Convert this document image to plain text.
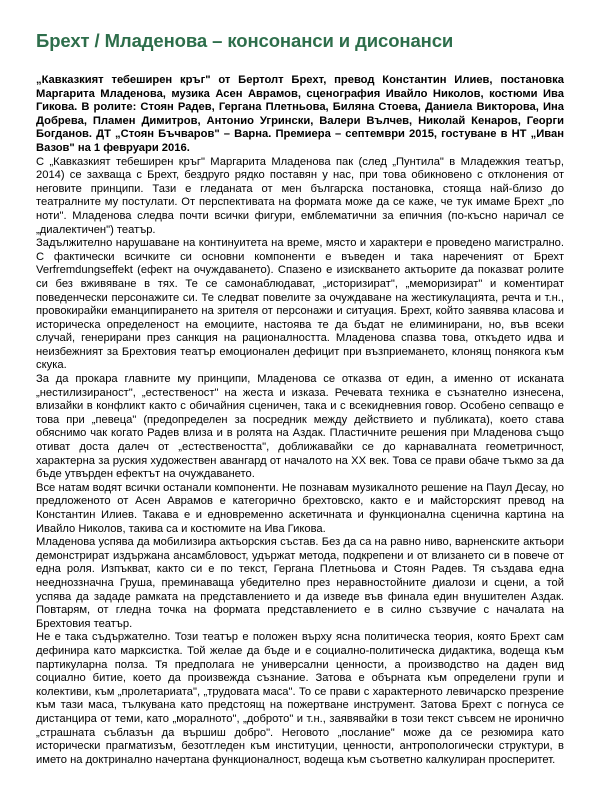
Брехт / Младенова – консонанси и дисонанси

„Кавказкият тебеширен кръг" от Бертолт Брехт, превод Константин Илиев, постановка Маргарита Младенова, музика Асен Аврамов, сценография Ивайло Николов, костюми Ива Гикова. В ролите: Стоян Радев, Гергана Плетньова, Биляна Стоева, Даниела Викторова, Ина Добрева, Пламен Димитров, Антонио Угрински, Валери Вълчев, Николай Кенаров, Георги Богданов. ДТ „Стоян Бъчваров" – Варна. Премиера – септември 2015, гостуване в НТ „Иван Вазов" на 1 февруари 2016.

С „Кавказкият тебеширен кръг" Маргарита Младенова пак (след „Пунтила" в Младежкия театър, 2014) се захваща с Брехт, бездруго рядко поставян у нас, при това обикновено с отклонения от неговите принципи. Тази е гледаната от мен българска постановка, стояща най-близо до театралните му постулати. От перспективата на формата може да се каже, че тук имаме Брехт „по ноти". Младенова следва почти всички фигури, емблематични за епичния (по-късно наричал се „диалектичен") театър.

Задължително нарушаване на континуитета на време, място и характери е проведено магистрално. С фактически всичките си основни компоненти е въведен и така нареченият от Брехт Verfremdungseffekt (ефект на очуждаването). Спазено е изискването актьорите да показват ролите си без вживяване в тях. Те се самонаблюдават, „историзират", „меморизират" и коментират поведенчески персонажите си. Те следват повелите за очуждаване на жестикулацията, речта и т.н., провокирайки еманципирането на зрителя от персонажи и ситуация. Брехт, който заявява класова и историческа определеност на емоциите, настоява те да бъдат не елиминирани, но, във всеки случай, генерирани през санкция на рационалността. Младенова спазва това, откъдето идва и неизбежният за Брехтовия театър емоционален дефицит при възприемането, клонящ понякога към скука.

За да прокара главните му принципи, Младенова се отказва от един, а именно от исканата „нестилизираност", „естественост" на жеста и изказа. Речевата техника е съзнателно изнесена, влизайки в конфликт както с обичайния сценичен, така и с всекидневния говор. Особено сепващо е това при „певеца" (предопределен за посредник между действието и публиката), което става обяснимо чак когато Радев влиза и в ролята на Аздак. Пластичните решения при Младенова също отиват доста далеч от „естествеността", доближавайки се до карнавалната геометричност, характерна за руския художествен авангард от началото на XX век. Това се прави обаче тъкмо за да бъде утвърден ефектът на очуждаването.

Все натам водят всички останали компоненти. Не познавам музикалното решение на Паул Десау, но предложеното от Асен Аврамов е категорично брехтовско, както е и майсторският превод на Константин Илиев. Такава е и едновременно аскетичната и функционална сценична картина на Ивайло Николов, такива са и костюмите на Ива Гикова.

Младенова успява да мобилизира актьорския състав. Без да са на равно ниво, варненските актьори демонстрират издържана ансамбловост, удържат метода, подкрепени и от влизането си в повече от една роля. Изпъкват, както си е по текст, Гергана Плетньова и Стоян Радев. Тя създава една неедноззначна Груша, преминаваща убедително през неравностойните диалози и сцени, а той успява да зададе рамката на представлението и да изведе във финала един внушителен Аздак. Повтарям, от гледна точка на формата представлението е в силно съзвучие с началата на Брехтовия театър.

Не е така съдържателно. Този театър е положен върху ясна политическа теория, която Брехт сам дефинира като марксистка. Той желае да бъде и е социално-политическа дидактика, водеща към партикуларна полза. Тя предполага не универсални ценности, а производство на даден вид социално битие, което да произвежда съзнание. Затова е обърната към определени групи и колективи, към „пролетариата", „трудовата маса". То се прави с характерното левичарско презрение към тази маса, тълкувана като предстоящ на пожертване инструмент. Затова Брехт с погнуса се дистанцира от теми, като „моралното", „доброто" и т.н., заявявайки в този текст съвсем не иронично „страшната съблазън да вършиш добро". Неговото „послание" може да се резюмира като исторически прагматизъм, безотгледен към институции, ценности, антропологически структури, в името на доктринално начертана функционалност, водеща към съответно калкулиран просперитет.
